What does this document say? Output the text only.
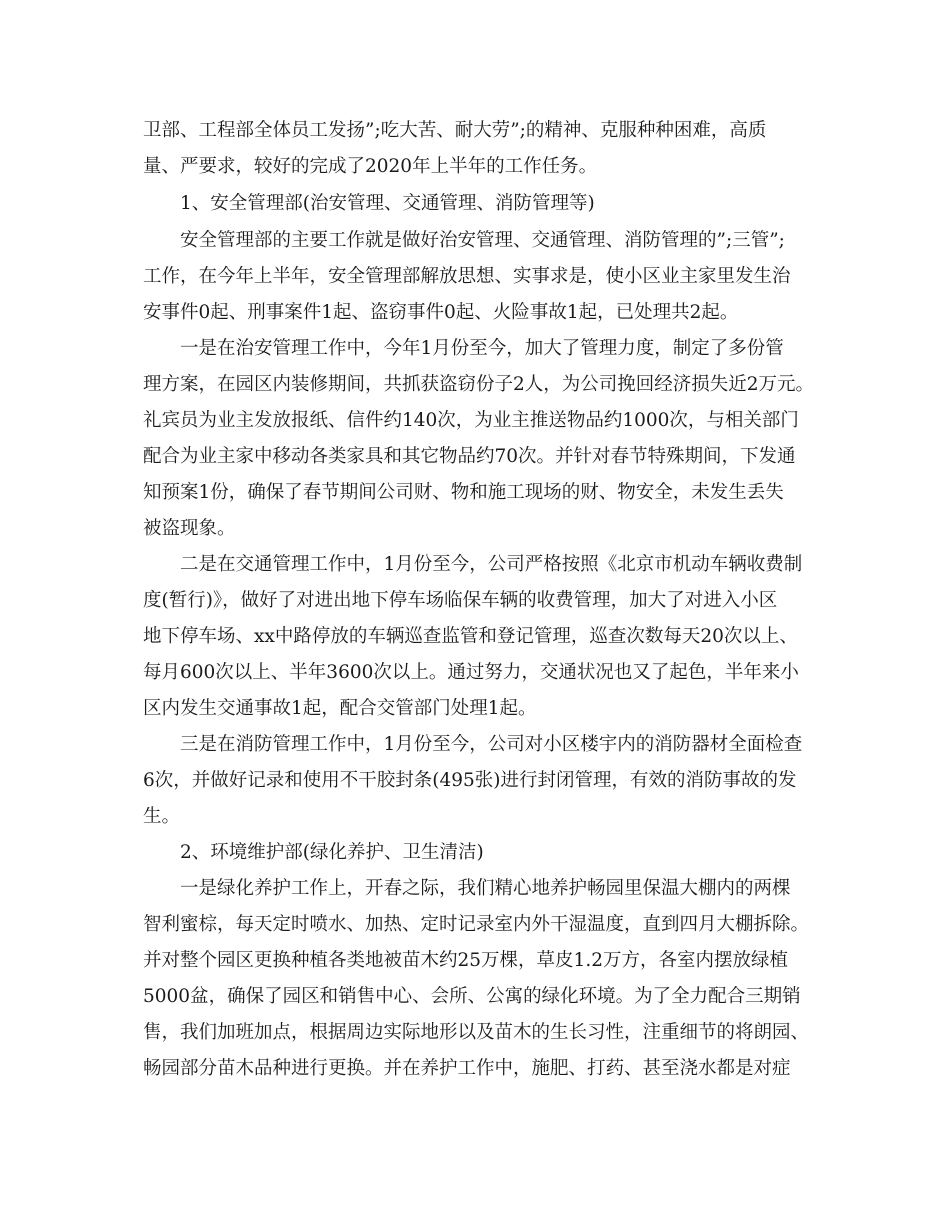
卫部、工程部全体员工发扬”;吃大苦、耐大劳”;的精神、克服种种困难，高质
量、严要求，较好的完成了2020年上半年的工作任务。
1、安全管理部(治安管理、交通管理、消防管理等)
安全管理部的主要工作就是做好治安管理、交通管理、消防管理的”;三管”;
工作，在今年上半年，安全管理部解放思想、实事求是，使小区业主家里发生治
安事件0起、刑事案件1起、盗窃事件0起、火险事故1起，已处理共2起。
一是在治安管理工作中，今年1月份至今，加大了管理力度，制定了多份管
理方案，在园区内装修期间，共抓获盗窃份子2人，为公司挽回经济损失近2万元。
礼宾员为业主发放报纸、信件约140次，为业主推送物品约1000次，与相关部门
配合为业主家中移动各类家具和其它物品约70次。并针对春节特殊期间，下发通
知预案1份，确保了春节期间公司财、物和施工现场的财、物安全，未发生丢失
被盗现象。
二是在交通管理工作中，1月份至今，公司严格按照《北京市机动车辆收费制
度(暂行)》，做好了对进出地下停车场临保车辆的收费管理，加大了对进入小区
地下停车场、xx中路停放的车辆巡查监管和登记管理，巡查次数每天20次以上、
每月600次以上、半年3600次以上。通过努力，交通状况也又了起色，半年来小
区内发生交通事故1起，配合交管部门处理1起。
三是在消防管理工作中，1月份至今，公司对小区楼宇内的消防器材全面检查
6次，并做好记录和使用不干胶封条(495张)进行封闭管理，有效的消防事故的发
生。
2、环境维护部(绿化养护、卫生清洁)
一是绿化养护工作上，开春之际，我们精心地养护畅园里保温大棚内的两棵
智利蜜棕，每天定时喷水、加热、定时记录室内外干湿温度，直到四月大棚拆除。
并对整个园区更换种植各类地被苗木约25万棵，草皮1.2万方，各室内摆放绿植
5000盆，确保了园区和销售中心、会所、公寓的绿化环境。为了全力配合三期销
售，我们加班加点，根据周边实际地形以及苗木的生长习性，注重细节的将朗园、
畅园部分苗木品种进行更换。并在养护工作中，施肥、打药、甚至浇水都是对症
